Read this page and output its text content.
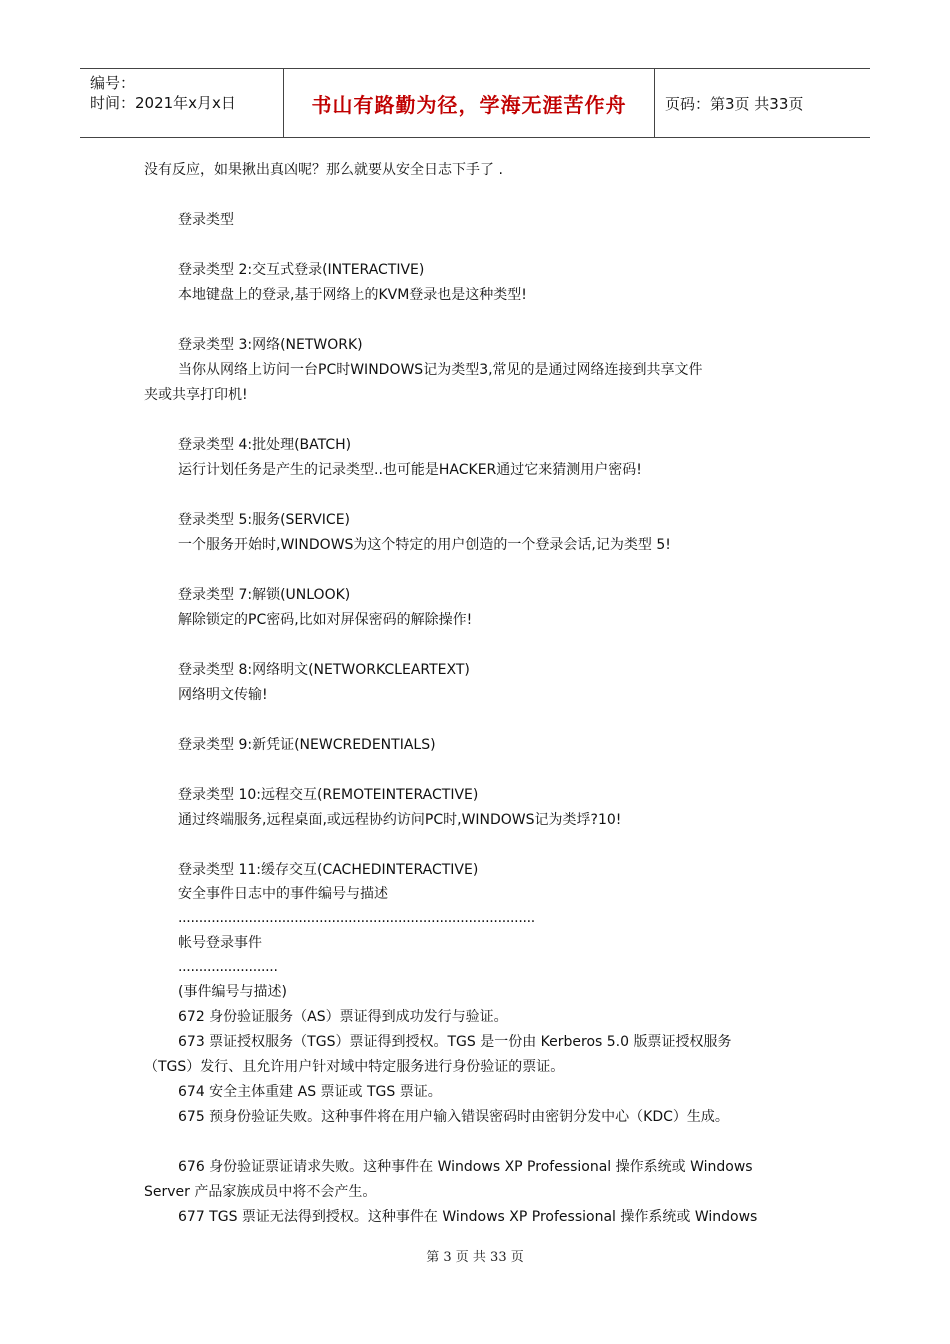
编号：
时间：2021年x月x日	书山有路勤为径，学海无涯苦作舟	页码：第3页 共33页
没有反应，如果揪出真凶呢？那么就要从安全日志下手了 .
登录类型
登录类型 2:交互式登录(INTERACTIVE)
本地键盘上的登录,基于网络上的KVM登录也是这种类型!
登录类型 3:网络(NETWORK)
当你从网络上访问一台PC时WINDOWS记为类型3,常见的是通过网络连接到共享文件
夹或共享打印机!
登录类型 4:批处理(BATCH)
运行计划任务是产生的记录类型..也可能是HACKER通过它来猜测用户密码!
登录类型 5:服务(SERVICE)
一个服务开始时,WINDOWS为这个特定的用户创造的一个登录会话,记为类型 5!
登录类型 7:解锁(UNLOOK)
解除锁定的PC密码,比如对屏保密码的解除操作!
登录类型 8:网络明文(NETWORKCLEARTEXT)
网络明文传输!
登录类型 9:新凭证(NEWCREDENTIALS)
登录类型 10:远程交互(REMOTEINTERACTIVE)
通过终端服务,远程桌面,或远程协约访问PC时,WINDOWS记为类垺?10!
登录类型 11:缓存交互(CACHEDINTERACTIVE)
安全事件日志中的事件编号与描述
......................................................................................
帐号登录事件
........................
(事件编号与描述)
672 身份验证服务（AS）票证得到成功发行与验证。
673 票证授权服务（TGS）票证得到授权。TGS 是一份由 Kerberos 5.0 版票证授权服务
（TGS）发行、且允许用户针对域中特定服务进行身份验证的票证。
674 安全主体重建 AS 票证或 TGS 票证。
675 预身份验证失败。这种事件将在用户输入错误密码时由密钥分发中心（KDC）生成。
676 身份验证票证请求失败。这种事件在 Windows XP Professional 操作系统或 Windows
Server 产品家族成员中将不会产生。
677 TGS 票证无法得到授权。这种事件在 Windows XP Professional 操作系统或 Windows
第 3 页 共 33 页
